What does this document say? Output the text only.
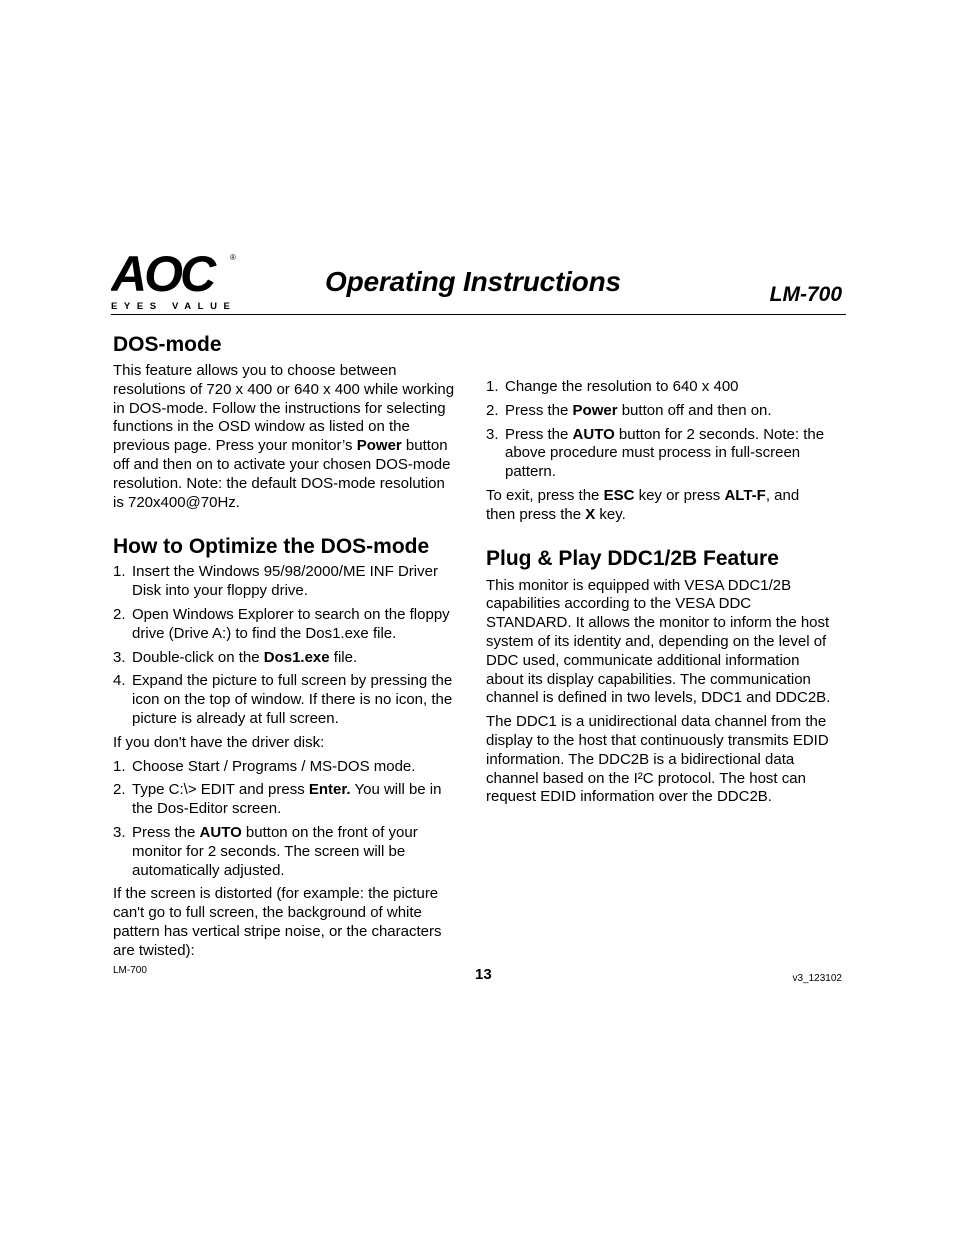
AOC	®
EYES VALUE
Operating Instructions	LM-700
DOS-mode

This feature allows you to choose between resolutions of 720 x 400 or 640 x 400 while working in DOS-mode. Follow the instructions for selecting functions in the OSD window as listed on the previous page. Press your monitor’s Power button off and then on to activate your chosen DOS-mode resolution. Note: the default DOS-mode resolution is 720x400@70Hz.

How to Optimize the DOS-mode
1. Insert the Windows 95/98/2000/ME INF Driver Disk into your floppy drive.
2. Open Windows Explorer to search on the floppy drive (Drive A:) to find the Dos1.exe file.
3. Double-click on the Dos1.exe file.
4. Expand the picture to full screen by pressing the icon on the top of window. If there is no icon, the picture is already at full screen.

If you don't have the driver disk:

1. Choose Start / Programs / MS-DOS mode.
2. Type C:\> EDIT and press Enter. You will be in the Dos-Editor screen.
3. Press the AUTO button on the front of your monitor for 2 seconds. The screen will be automatically adjusted.

If the screen is distorted (for example: the picture can't go to full screen, the background of white pattern has vertical stripe noise, or the characters are twisted):

1. Change the resolution to 640 x 400
2. Press the Power button off and then on.
3. Press the AUTO button for 2 seconds. Note: the above procedure must process in full-screen pattern.

To exit, press the ESC key or press ALT-F, and then press the X key.

Plug & Play DDC1/2B Feature

This monitor is equipped with VESA DDC1/2B capabilities according to the VESA DDC STANDARD. It allows the monitor to inform the host system of its identity and, depending on the level of DDC used, communicate additional information about its display capabilities. The communication channel is defined in two levels, DDC1 and DDC2B.

The DDC1 is a unidirectional data channel from the display to the host that continuously transmits EDID information. The DDC2B is a bidirectional data channel based on the I²C protocol. The host can request EDID information over the DDC2B.

LM-700	13	v3_123102
